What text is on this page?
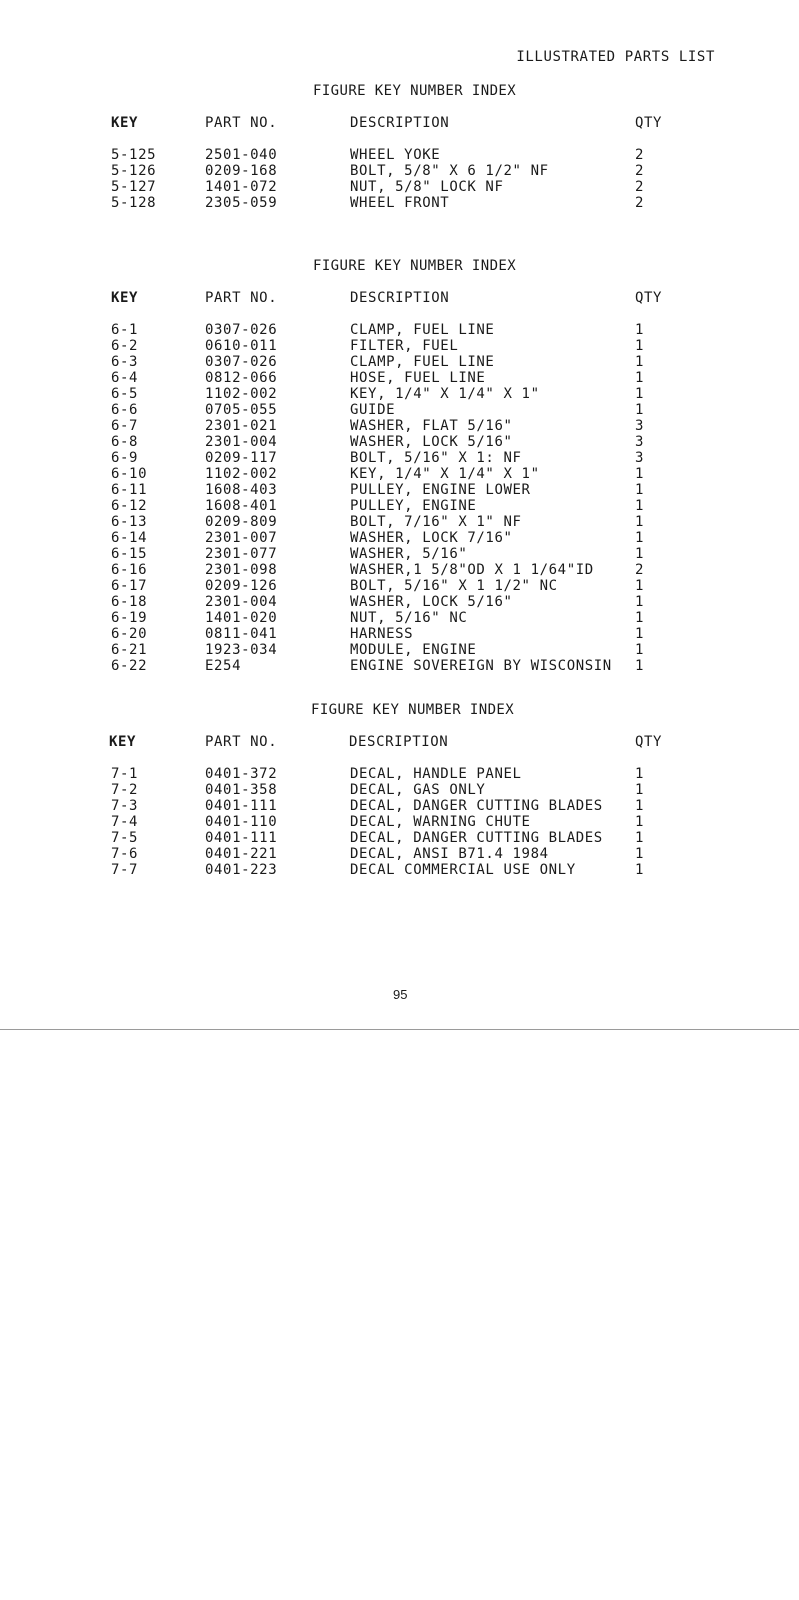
ILLUSTRATED PARTS LIST
FIGURE KEY NUMBER INDEX
KEY	PART NO.	DESCRIPTION	QTY
5-125	2501-040	WHEEL YOKE	2
5-126	0209-168	BOLT, 5/8" X 6 1/2" NF	2
5-127	1401-072	NUT, 5/8" LOCK NF	2
5-128	2305-059	WHEEL FRONT	2
FIGURE KEY NUMBER INDEX
KEY	PART NO.	DESCRIPTION	QTY
6-1	0307-026	CLAMP, FUEL LINE	1
6-2	0610-011	FILTER, FUEL	1
6-3	0307-026	CLAMP, FUEL LINE	1
6-4	0812-066	HOSE, FUEL LINE	1
6-5	1102-002	KEY, 1/4" X 1/4" X 1"	1
6-6	0705-055	GUIDE	1
6-7	2301-021	WASHER, FLAT 5/16"	3
6-8	2301-004	WASHER, LOCK 5/16"	3
6-9	0209-117	BOLT, 5/16" X 1: NF	3
6-10	1102-002	KEY, 1/4" X 1/4" X 1"	1
6-11	1608-403	PULLEY, ENGINE LOWER	1
6-12	1608-401	PULLEY, ENGINE	1
6-13	0209-809	BOLT, 7/16" X 1" NF	1
6-14	2301-007	WASHER, LOCK 7/16"	1
6-15	2301-077	WASHER, 5/16"	1
6-16	2301-098	WASHER,1 5/8"OD X 1 1/64"ID	2
6-17	0209-126	BOLT, 5/16" X 1 1/2" NC	1
6-18	2301-004	WASHER, LOCK 5/16"	1
6-19	1401-020	NUT, 5/16" NC	1
6-20	0811-041	HARNESS	1
6-21	1923-034	MODULE, ENGINE	1
6-22	E254	ENGINE SOVEREIGN BY WISCONSIN 1
FIGURE KEY NUMBER INDEX
KEY	PART NO.	DESCRIPTION	QTY
7-1	0401-372	DECAL, HANDLE PANEL	1
7-2	0401-358	DECAL, GAS ONLY	1
7-3	0401-111	DECAL, DANGER CUTTING BLADES 1
7-4	0401-110	DECAL, WARNING CHUTE	1
7-5	0401-111	DECAL, DANGER CUTTING BLADES 1
7-6	0401-221	DECAL, ANSI B71.4 1984	1
7-7	0401-223	DECAL COMMERCIAL USE ONLY	1
95
